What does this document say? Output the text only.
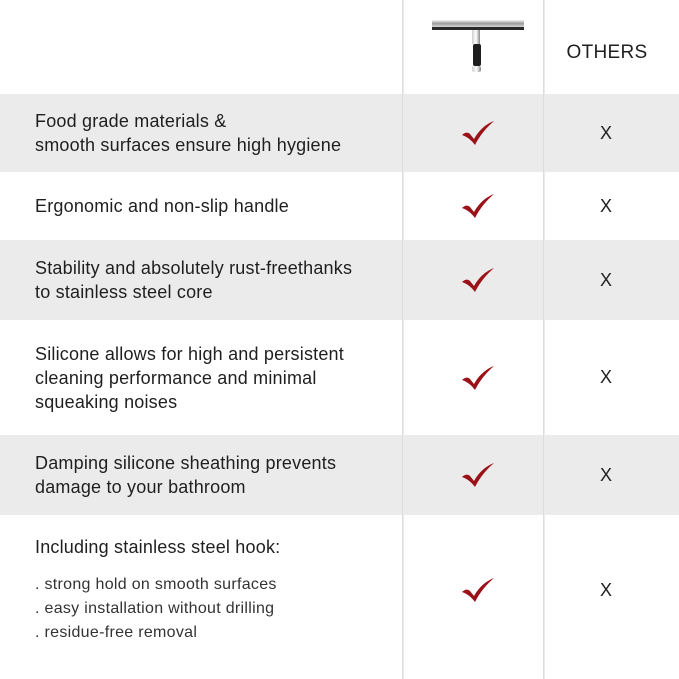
OTHERS
Food grade materials &
smooth surfaces ensure high hygiene
X
Ergonomic and non-slip handle	X
Stability and absolutely rust-freethanks
to stainless steel core
X
Silicone allows for high and persistent
cleaning performance and minimal
squeaking noises
X
Damping silicone sheathing prevents
damage to your bathroom
X
Including stainless steel hook:
. strong hold on smooth surfaces
. easy installation without drilling
. residue-free removal
X
